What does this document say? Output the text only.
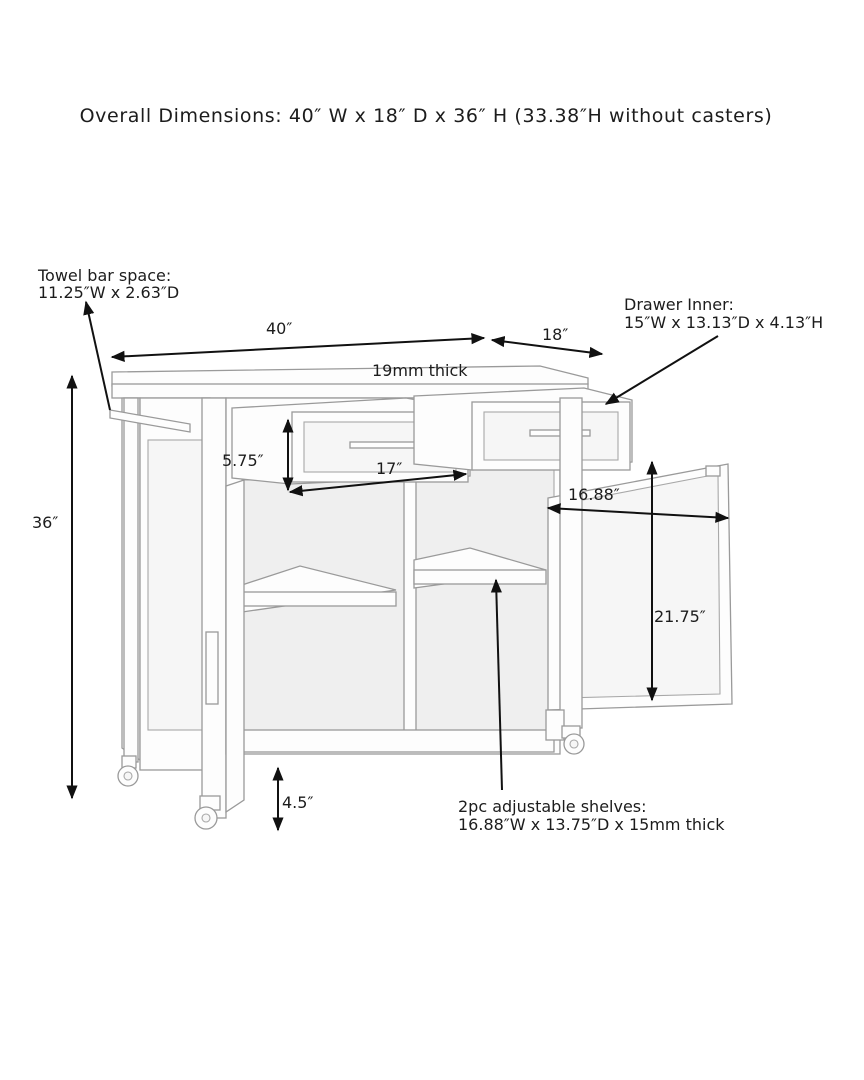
Overall Dimensions: 40″ W x 18″ D x 36″ H (33.38″H without casters)
Towel bar space:
11.25″W x 2.63″D
40″	18″
19mm thick
Drawer Inner:
15″W x 13.13″D x 4.13″H
36″
5.75″	17″
16.88″
21.75″
4.5″	2pc adjustable shelves:
16.88″W x 13.75″D x 15mm thick
